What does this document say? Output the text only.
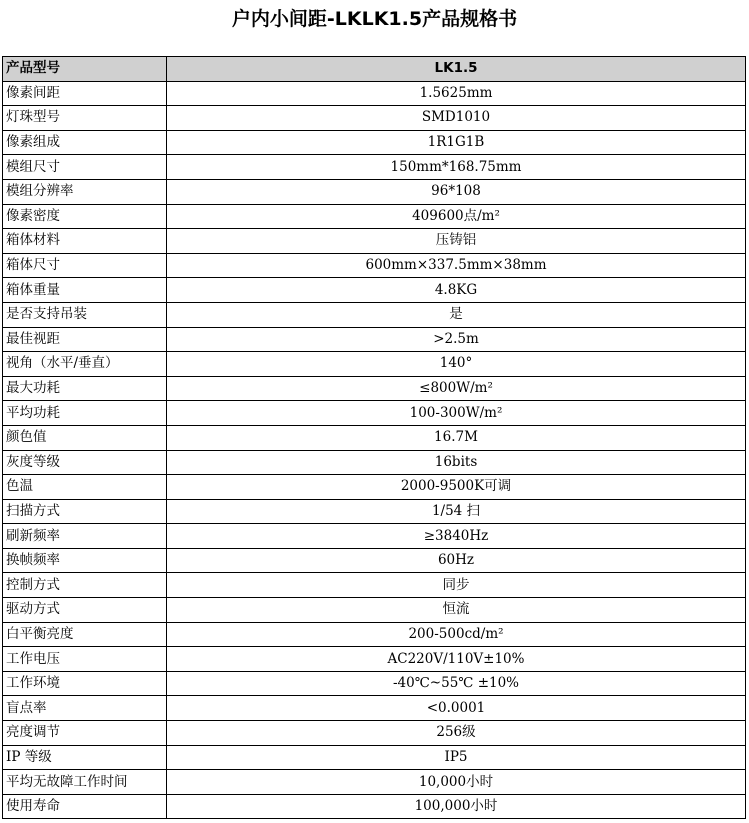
户内小间距-LKLK1.5产品规格书
产品型号	LK1.5
像素间距	1.5625mm
灯珠型号	SMD1010
像素组成	1R1G1B
模组尺寸	150mm*168.75mm
模组分辨率	96*108
像素密度	409600点/m²
箱体材料	压铸铝
箱体尺寸	600mm×337.5mm×38mm
箱体重量	4.8KG
是否支持吊装	是
最佳视距	>2.5m
视角（水平/垂直）	140°
最大功耗	≤800W/m²
平均功耗	100-300W/m²
颜色值	16.7M
灰度等级	16bits
色温	2000-9500K可调
扫描方式	1/54 扫
刷新频率	≥3840Hz
换帧频率	60Hz
控制方式	同步
驱动方式	恒流
白平衡亮度	200-500cd/m²
工作电压	AC220V/110V±10%
工作环境	-40℃~55℃ ±10%
盲点率	<0.0001
亮度调节	256级
IP 等级	IP5
平均无故障工作时间	10,000小时
使用寿命	100,000小时
